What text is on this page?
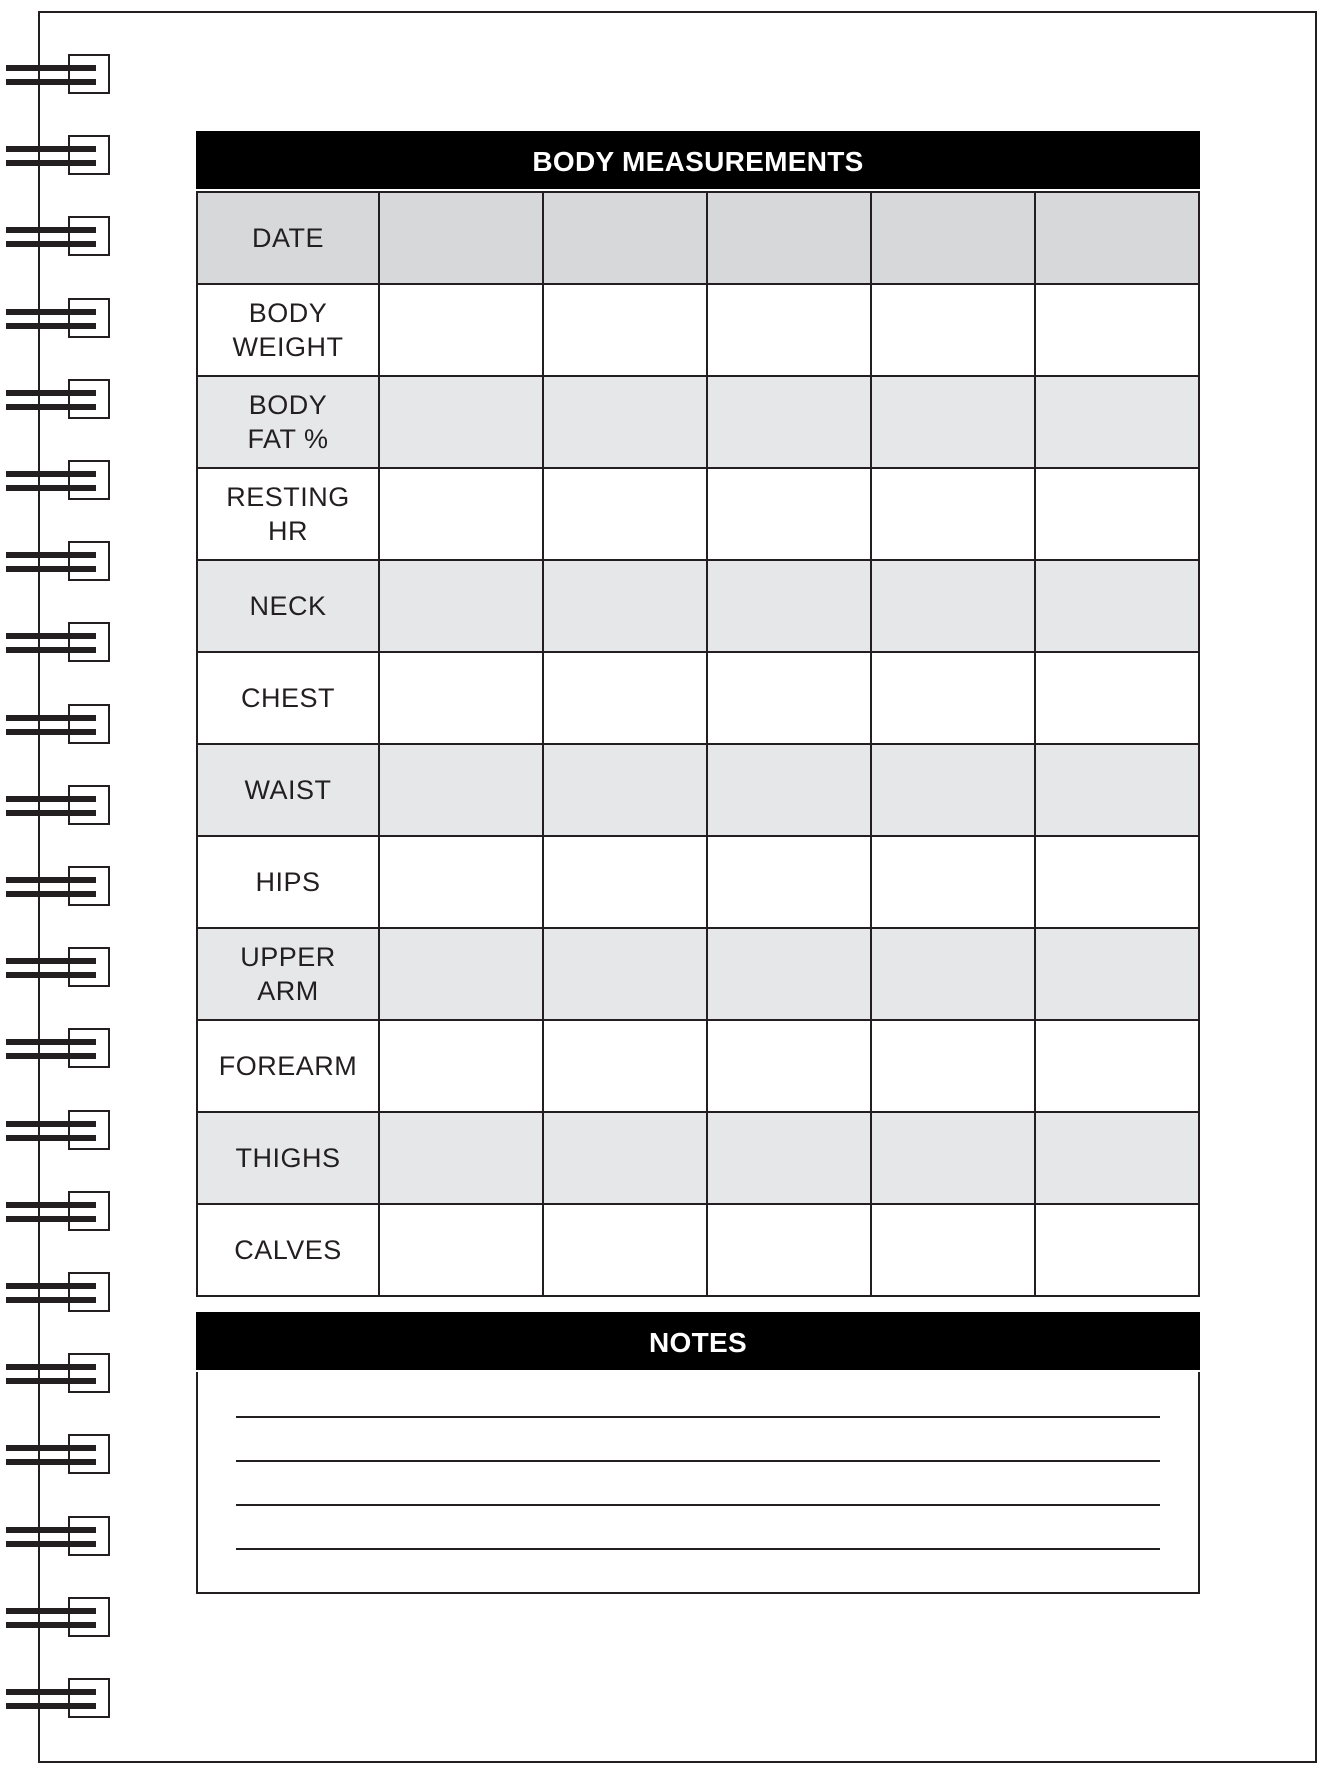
BODY MEASUREMENTS
DATE					

BODY
WEIGHT					

BODY
FAT %					

RESTING
HR					

NECK					

CHEST					

WAIST					

HIPS					

UPPER
ARM					

FOREARM					

THIGHS					

CALVES					

NOTES
